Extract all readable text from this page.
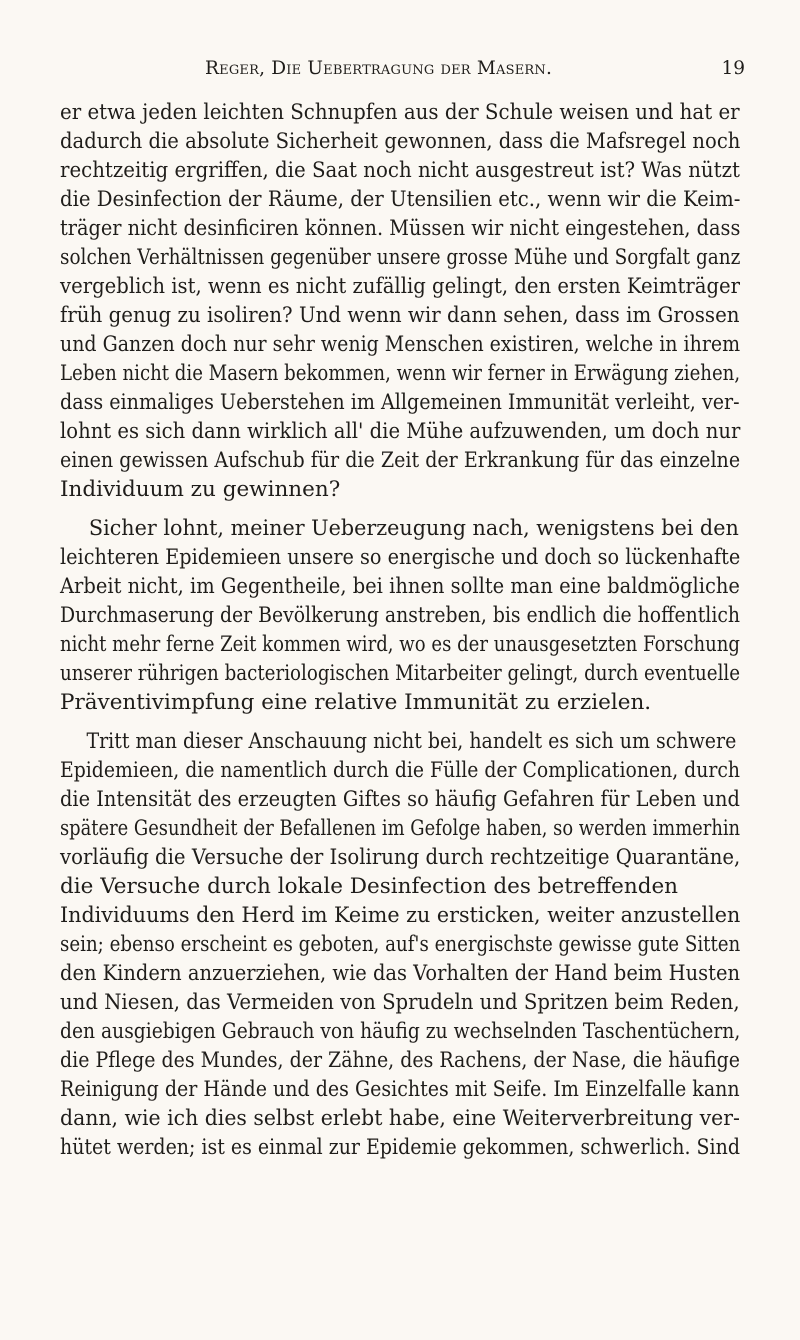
Reger, Die Uebertragung der Masern.	19
er etwa jeden leichten Schnupfen aus der Schule weisen und hat er
dadurch die absolute Sicherheit gewonnen, dass die Mafsregel noch
rechtzeitig ergriffen, die Saat noch nicht ausgestreut ist? Was nützt
die Desinfection der Räume, der Utensilien etc., wenn wir die Keim-
träger nicht desinficiren können. Müssen wir nicht eingestehen, dass
solchen Verhältnissen gegenüber unsere grosse Mühe und Sorgfalt ganz
vergeblich ist, wenn es nicht zufällig gelingt, den ersten Keimträger
früh genug zu isoliren? Und wenn wir dann sehen, dass im Grossen
und Ganzen doch nur sehr wenig Menschen existiren, welche in ihrem
Leben nicht die Masern bekommen, wenn wir ferner in Erwägung ziehen,
dass einmaliges Ueberstehen im Allgemeinen Immunität verleiht, ver-
lohnt es sich dann wirklich all' die Mühe aufzuwenden, um doch nur
einen gewissen Aufschub für die Zeit der Erkrankung für das einzelne
Individuum zu gewinnen?
Sicher lohnt, meiner Ueberzeugung nach, wenigstens bei den
leichteren Epidemieen unsere so energische und doch so lückenhafte
Arbeit nicht, im Gegentheile, bei ihnen sollte man eine baldmögliche
Durchmaserung der Bevölkerung anstreben, bis endlich die hoffentlich
nicht mehr ferne Zeit kommen wird, wo es der unausgesetzten Forschung
unserer rührigen bacteriologischen Mitarbeiter gelingt, durch eventuelle
Präventivimpfung eine relative Immunität zu erzielen.
Tritt man dieser Anschauung nicht bei, handelt es sich um schwere
Epidemieen, die namentlich durch die Fülle der Complicationen, durch
die Intensität des erzeugten Giftes so häufig Gefahren für Leben und
spätere Gesundheit der Befallenen im Gefolge haben, so werden immerhin
vorläufig die Versuche der Isolirung durch rechtzeitige Quarantäne,
die Versuche durch lokale Desinfection des betreffenden
Individuums den Herd im Keime zu ersticken, weiter anzustellen
sein; ebenso erscheint es geboten, auf's energischste gewisse gute Sitten
den Kindern anzuerziehen, wie das Vorhalten der Hand beim Husten
und Niesen, das Vermeiden von Sprudeln und Spritzen beim Reden,
den ausgiebigen Gebrauch von häufig zu wechselnden Taschentüchern,
die Pflege des Mundes, der Zähne, des Rachens, der Nase, die häufige
Reinigung der Hände und des Gesichtes mit Seife. Im Einzelfalle kann
dann, wie ich dies selbst erlebt habe, eine Weiterverbreitung ver-
hütet werden; ist es einmal zur Epidemie gekommen, schwerlich. Sind
